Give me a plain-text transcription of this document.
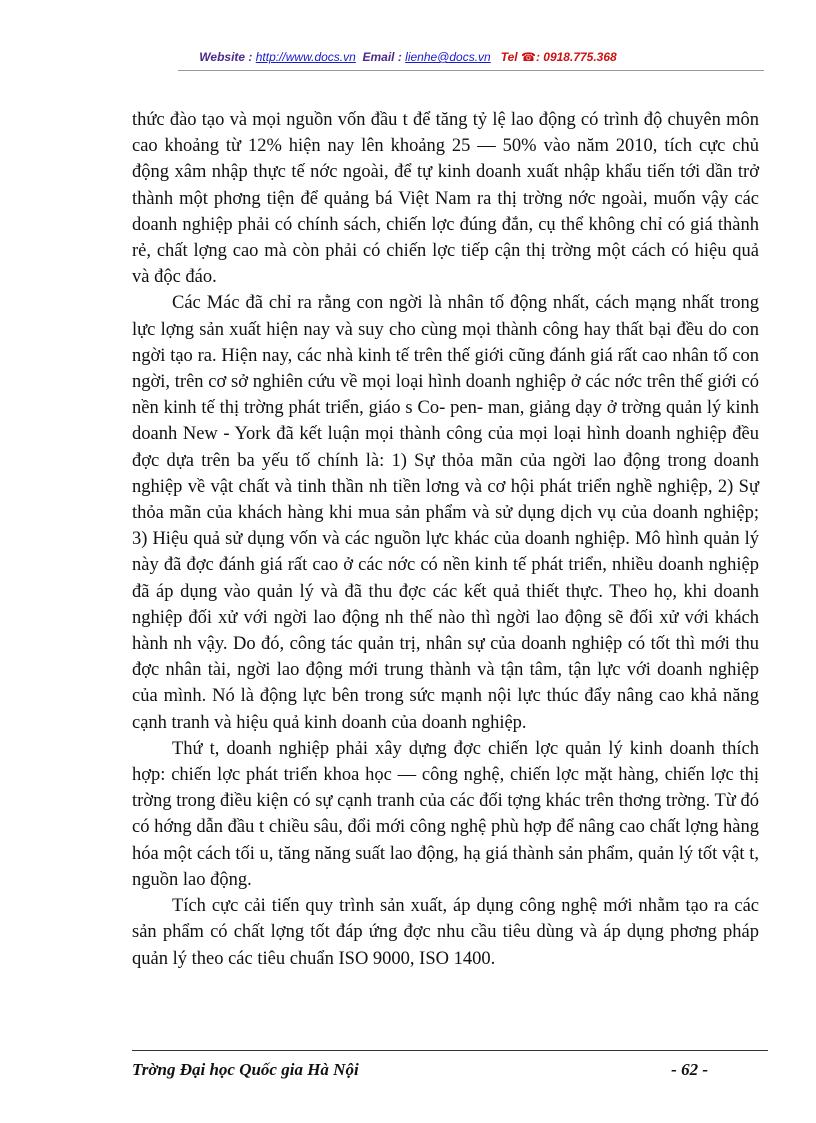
Website : http://www.docs.vn Email : lienhe@docs.vn Tel ☎: 0918.775.368

thức đào tạo và mọi nguồn vốn đầu t để tăng tỷ lệ lao động có trình độ chuyên môn cao khoảng từ 12% hiện nay lên khoảng 25 — 50% vào năm 2010, tích cực chủ động xâm nhập thực tế nớc ngoài, để tự kinh doanh xuất nhập khẩu tiến tới dần trở thành một phơng tiện để quảng bá Việt Nam ra thị trờng nớc ngoài, muốn vậy các doanh nghiệp phải có chính sách, chiến lợc đúng đắn, cụ thể không chỉ có giá thành rẻ, chất lợng cao mà còn phải có chiến lợc tiếp cận thị trờng một cách có hiệu quả và độc đáo.

Các Mác đã chỉ ra rằng con ngời là nhân tố động nhất, cách mạng nhất trong lực lợng sản xuất hiện nay và suy cho cùng mọi thành công hay thất bại đều do con ngời tạo ra. Hiện nay, các nhà kinh tế trên thế giới cũng đánh giá rất cao nhân tố con ngời, trên cơ sở nghiên cứu về mọi loại hình doanh nghiệp ở các nớc trên thế giới có nền kinh tế thị trờng phát triển, giáo s Co- pen- man, giảng dạy ở trờng quản lý kinh doanh New - York đã kết luận mọi thành công của mọi loại hình doanh nghiệp đều đợc dựa trên ba yếu tố chính là: 1) Sự thỏa mãn của ngời lao động trong doanh nghiệp về vật chất và tinh thần nh tiền lơng và cơ hội phát triển nghề nghiệp, 2) Sự thỏa mãn của khách hàng khi mua sản phẩm và sử dụng dịch vụ của doanh nghiệp; 3) Hiệu quả sử dụng vốn và các nguồn lực khác của doanh nghiệp. Mô hình quản lý này đã đợc đánh giá rất cao ở các nớc có nền kinh tế phát triển, nhiều doanh nghiệp đã áp dụng vào quản lý và đã thu đợc các kết quả thiết thực. Theo họ, khi doanh nghiệp đối xử với ngời lao động nh thế nào thì ngời lao động sẽ đối xử với khách hành nh vậy. Do đó, công tác quản trị, nhân sự của doanh nghiệp có tốt thì mới thu đợc nhân tài, ngời lao động mới trung thành và tận tâm, tận lực với doanh nghiệp của mình. Nó là động lực bên trong sức mạnh nội lực thúc đẩy nâng cao khả năng cạnh tranh và hiệu quả kinh doanh của doanh nghiệp.

Thứ t, doanh nghiệp phải xây dựng đợc chiến lợc quản lý kinh doanh thích hợp: chiến lợc phát triển khoa học — công nghệ, chiến lợc mặt hàng, chiến lợc thị trờng trong điều kiện có sự cạnh tranh của các đối tợng khác trên thơng trờng. Từ đó có hớng dẫn đầu t chiều sâu, đổi mới công nghệ phù hợp để nâng cao chất lợng hàng hóa một cách tối u, tăng năng suất lao động, hạ giá thành sản phẩm, quản lý tốt vật t, nguồn lao động.

Tích cực cải tiến quy trình sản xuất, áp dụng công nghệ mới nhằm tạo ra các sản phẩm có chất lợng tốt đáp ứng đợc nhu cầu tiêu dùng và áp dụng phơng pháp quản lý theo các tiêu chuẩn ISO 9000, ISO 1400.

Trờng Đại học Quốc gia Hà Nội	- 62 -
